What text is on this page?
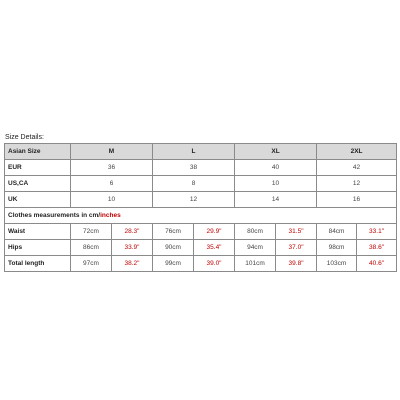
Size Details:
Asian Size	M		L		XL		2XL	
EUR	36		38		40		42	
US,CA	6		8		10		12	
UK	10		12		14		16	
Clothes measurements in cm/inches								
Waist	72cm	28.3"	76cm	29.9"	80cm	31.5"	84cm	33.1"
Hips	86cm	33.9"	90cm	35.4"	94cm	37.0"	98cm	38.6"
Total length	97cm	38.2"	99cm	39.0"	101cm	39.8"	103cm	40.6"
